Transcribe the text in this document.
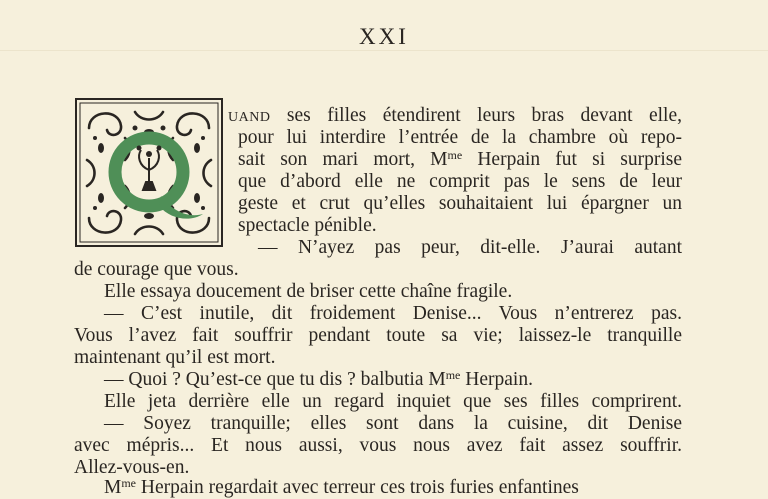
XXI
UAND ses filles étendirent leurs bras devant elle,
pour lui interdire l’entrée de la chambre où repo-
sait son mari mort, $M^{me}$ Herpain fut si surprise
que d’abord elle ne comprit pas le sens de leur
geste et crut qu’elles souhaitaient lui épargner un
spectacle pénible.
— N’ayez pas peur, dit-elle. J’aurai autant
de courage que vous.
Elle essaya doucement de briser cette chaîne fragile.
— C’est inutile, dit froidement Denise... Vous n’entrerez pas.
Vous l’avez fait souffrir pendant toute sa vie; laissez-le tranquille
maintenant qu’il est mort.
— Quoi ? Qu’est-ce que tu dis ? balbutia $M^{me}$ Herpain.
Elle jeta derrière elle un regard inquiet que ses filles comprirent.
— Soyez tranquille; elles sont dans la cuisine, dit Denise
avec mépris... Et nous aussi, vous nous avez fait assez souffrir.
Allez-vous-en.
$M^{me}$ Herpain regardait avec terreur ces trois furies enfantines
